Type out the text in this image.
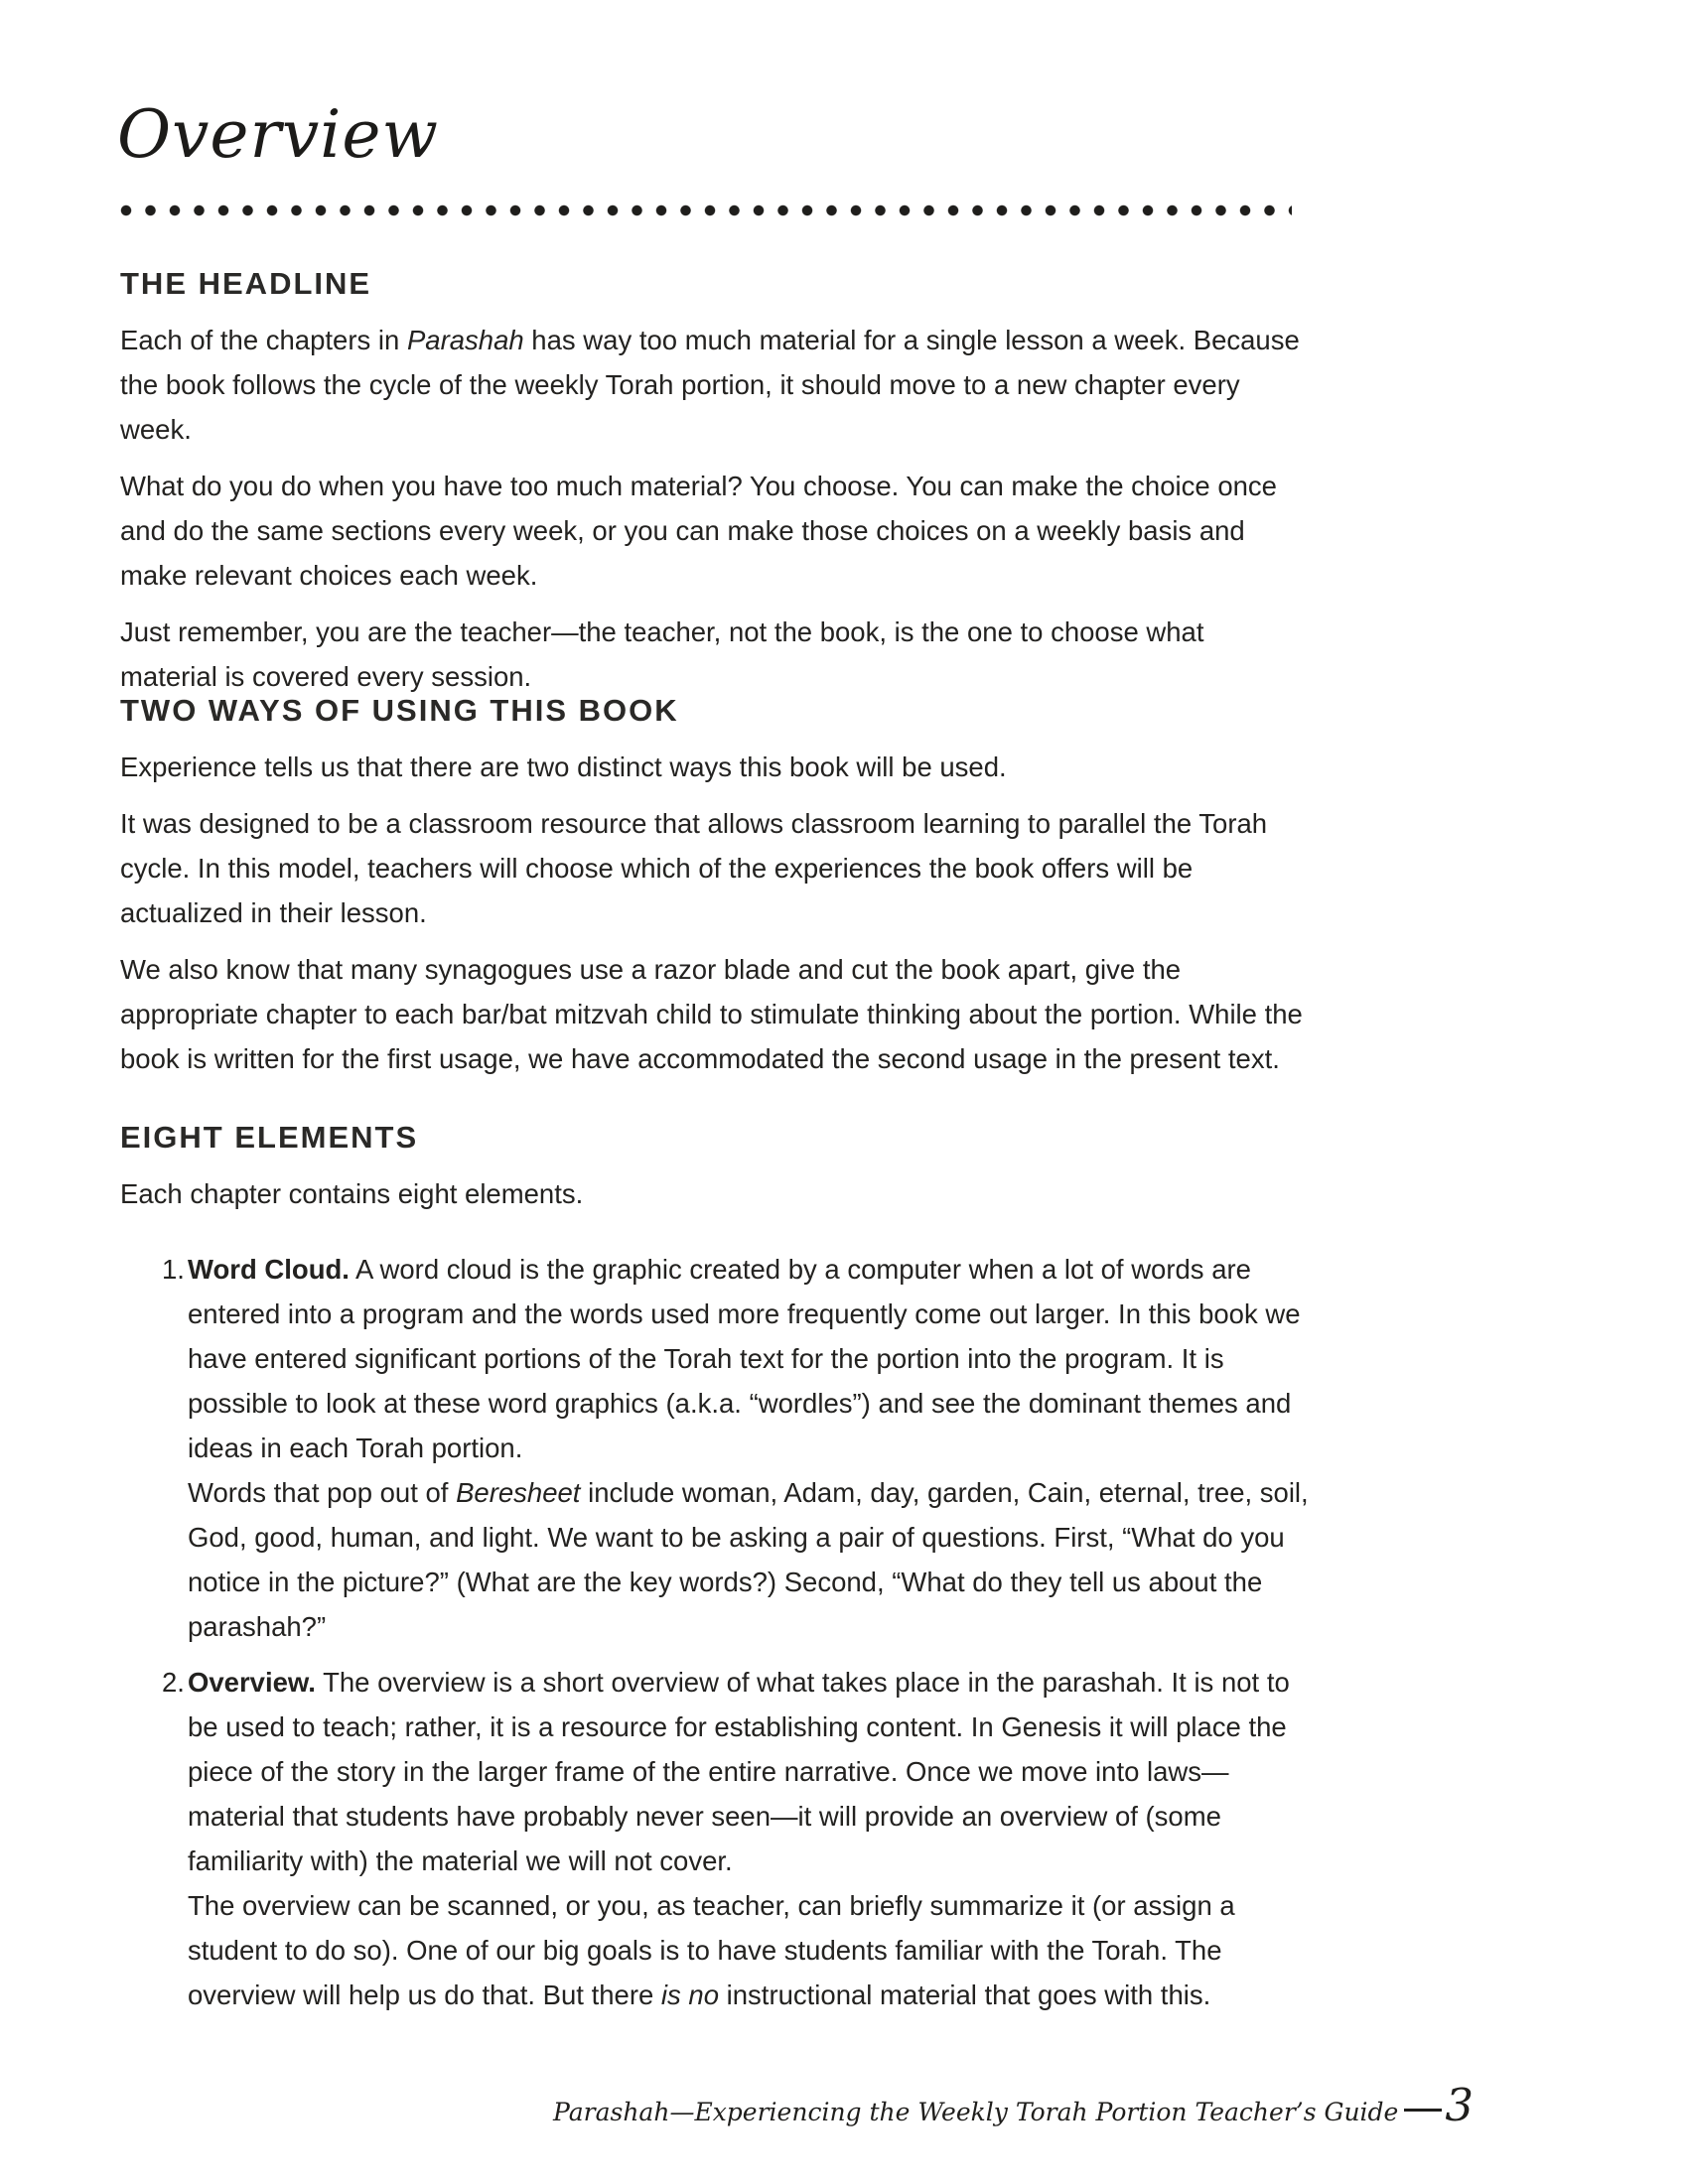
Overview
THE HEADLINE

Each of the chapters in Parashah has way too much material for a single lesson a week. Because the book follows the cycle of the weekly Torah portion, it should move to a new chapter every week.

What do you do when you have too much material? You choose. You can make the choice once and do the same sections every week, or you can make those choices on a weekly basis and make relevant choices each week.

Just remember, you are the teacher—the teacher, not the book, is the one to choose what material is covered every session.

TWO WAYS OF USING THIS BOOK

Experience tells us that there are two distinct ways this book will be used.

It was designed to be a classroom resource that allows classroom learning to parallel the Torah cycle. In this model, teachers will choose which of the experiences the book offers will be actualized in their lesson.

We also know that many synagogues use a razor blade and cut the book apart, give the appropriate chapter to each bar/bat mitzvah child to stimulate thinking about the portion. While the book is written for the first usage, we have accommodated the second usage in the present text.

EIGHT ELEMENTS

Each chapter contains eight elements.

1. Word Cloud. A word cloud is the graphic created by a computer when a lot of words are entered into a program and the words used more frequently come out larger. In this book we have entered significant portions of the Torah text for the portion into the program. It is possible to look at these word graphics (a.k.a. “wordles”) and see the dominant themes and ideas in each Torah portion.

Words that pop out of Beresheet include woman, Adam, day, garden, Cain, eternal, tree, soil, God, good, human, and light. We want to be asking a pair of questions. First, “What do you notice in the picture?” (What are the key words?) Second, “What do they tell us about the parashah?”

2. Overview. The overview is a short overview of what takes place in the parashah. It is not to be used to teach; rather, it is a resource for establishing content. In Genesis it will place the piece of the story in the larger frame of the entire narrative. Once we move into laws—material that students have probably never seen—it will provide an overview of (some familiarity with) the material we will not cover.

The overview can be scanned, or you, as teacher, can briefly summarize it (or assign a student to do so). One of our big goals is to have students familiar with the Torah. The overview will help us do that. But there is no instructional material that goes with this.

Parashah—Experiencing the Weekly Torah Portion Teacher’s Guide 3
